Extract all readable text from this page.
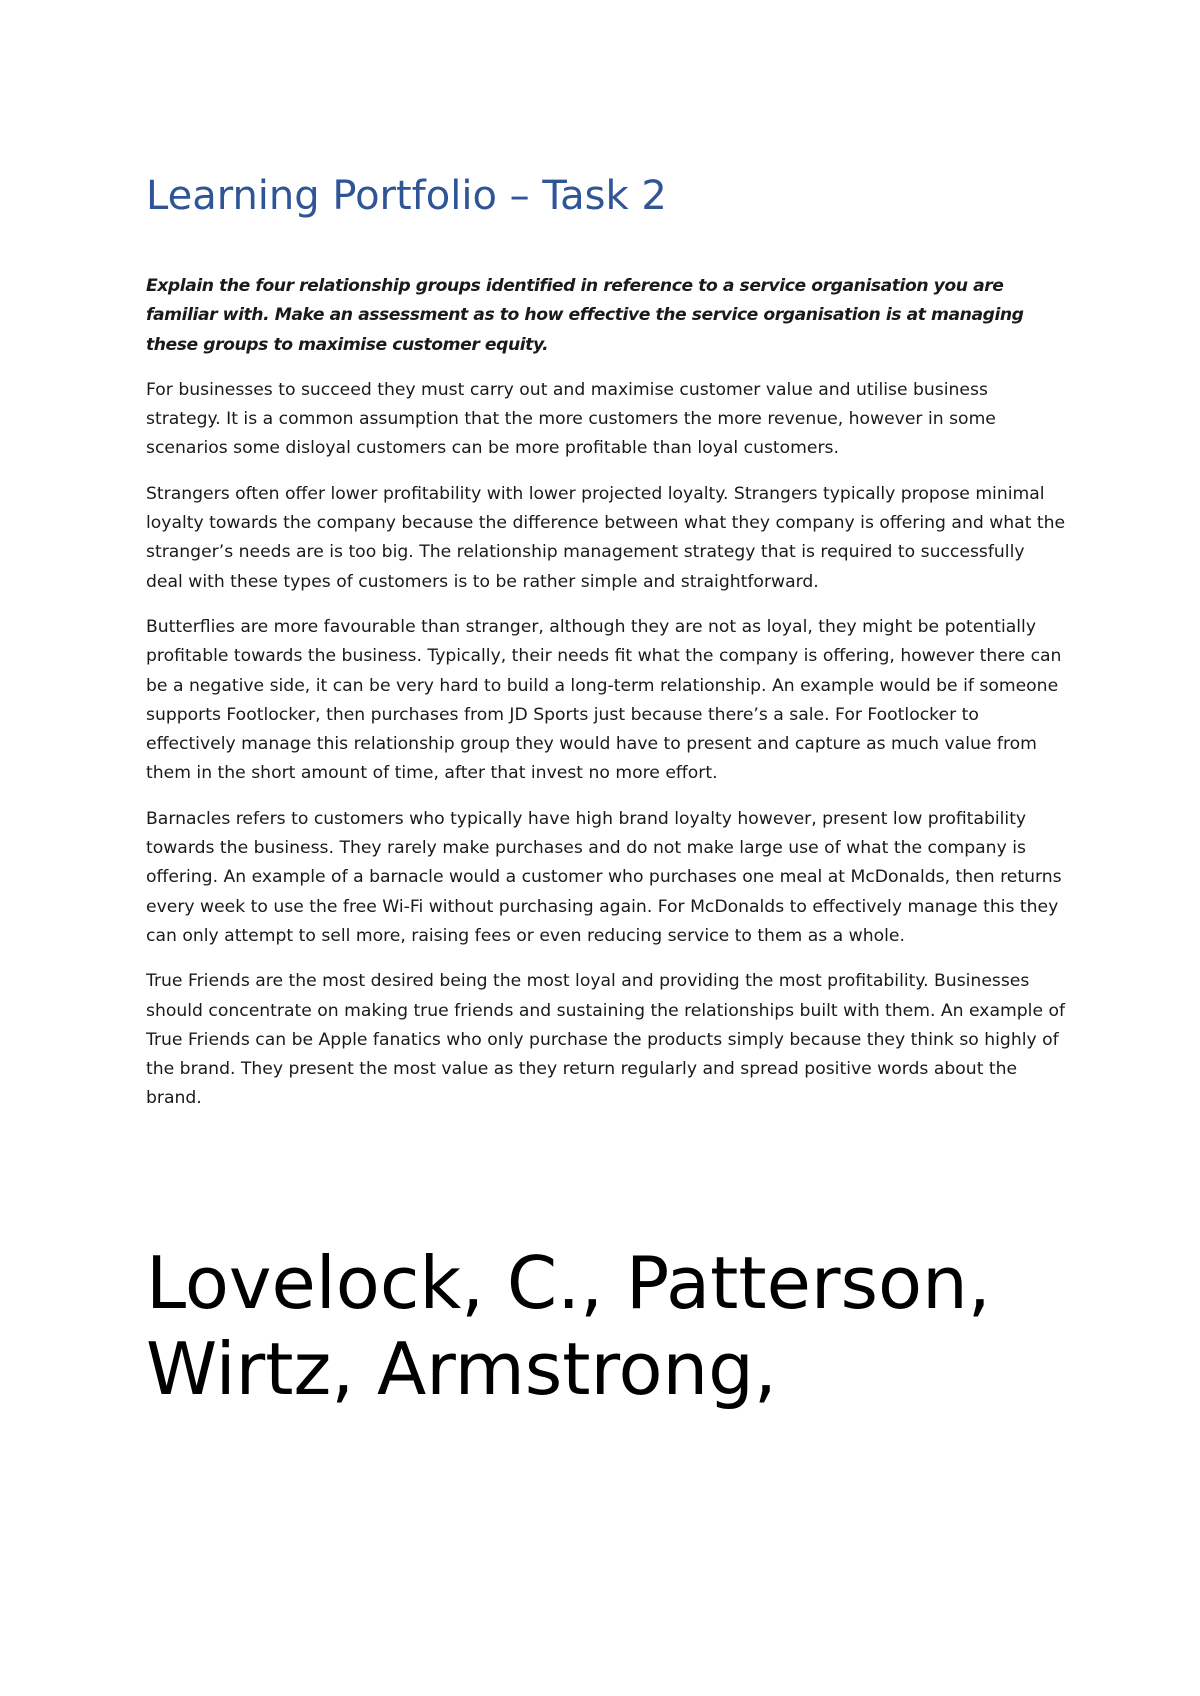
Learning Portfolio – Task 2

Explain the four relationship groups identified in reference to a service organisation you are familiar with. Make an assessment as to how effective the service organisation is at managing these groups to maximise customer equity.

For businesses to succeed they must carry out and maximise customer value and utilise business strategy. It is a common assumption that the more customers the more revenue, however in some scenarios some disloyal customers can be more profitable than loyal customers.

Strangers often offer lower profitability with lower projected loyalty. Strangers typically propose minimal loyalty towards the company because the difference between what they company is offering and what the stranger’s needs are is too big. The relationship management strategy that is required to successfully deal with these types of customers is to be rather simple and straightforward.

Butterflies are more favourable than stranger, although they are not as loyal, they might be potentially profitable towards the business. Typically, their needs fit what the company is offering, however there can be a negative side, it can be very hard to build a long-term relationship. An example would be if someone supports Footlocker, then purchases from JD Sports just because there’s a sale. For Footlocker to effectively manage this relationship group they would have to present and capture as much value from them in the short amount of time, after that invest no more effort.

Barnacles refers to customers who typically have high brand loyalty however, present low profitability towards the business. They rarely make purchases and do not make large use of what the company is offering. An example of a barnacle would a customer who purchases one meal at McDonalds, then returns every week to use the free Wi-Fi without purchasing again. For McDonalds to effectively manage this they can only attempt to sell more, raising fees or even reducing service to them as a whole.

True Friends are the most desired being the most loyal and providing the most profitability. Businesses should concentrate on making true friends and sustaining the relationships built with them. An example of True Friends can be Apple fanatics who only purchase the products simply because they think so highly of the brand. They present the most value as they return regularly and spread positive words about the brand.

Lovelock, C., Patterson, Wirtz, Armstrong,
